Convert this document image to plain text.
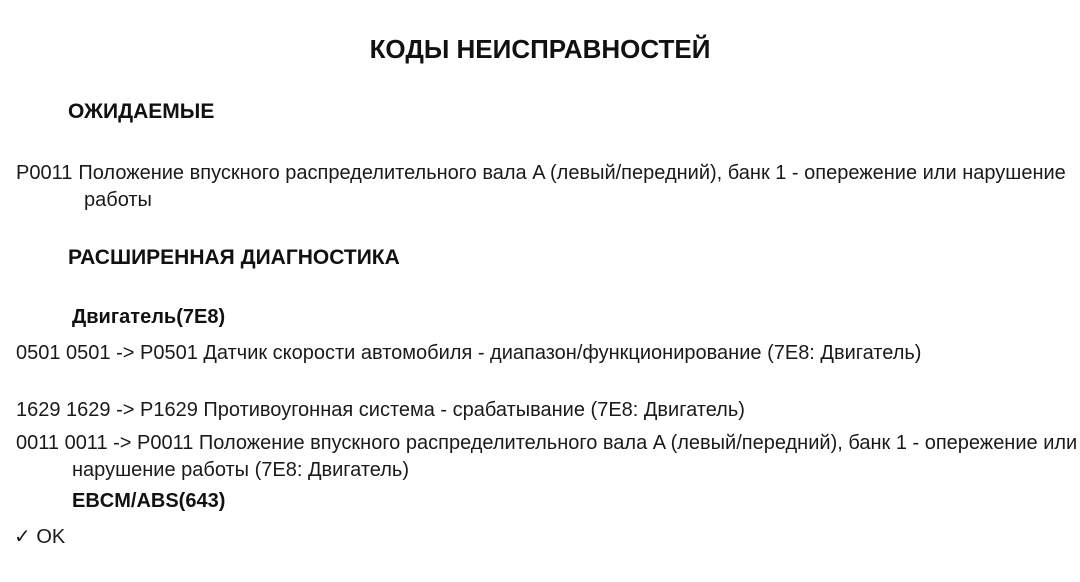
КОДЫ НЕИСПРАВНОСТЕЙ
ОЖИДАЕМЫЕ
P0011 Положение впускного распределительного вала A (левый/передний), банк 1 - опережение или нарушение работы
РАСШИРЕННАЯ ДИАГНОСТИКА
Двигатель(7E8)
0501 0501 -> P0501 Датчик скорости автомобиля - диапазон/функционирование (7E8: Двигатель)
1629 1629 -> P1629 Противоугонная система - срабатывание (7E8: Двигатель)
0011 0011 -> P0011 Положение впускного распределительного вала A (левый/передний), банк 1 - опережение или нарушение работы (7E8: Двигатель)
EBCM/ABS(643)
✓ OK
